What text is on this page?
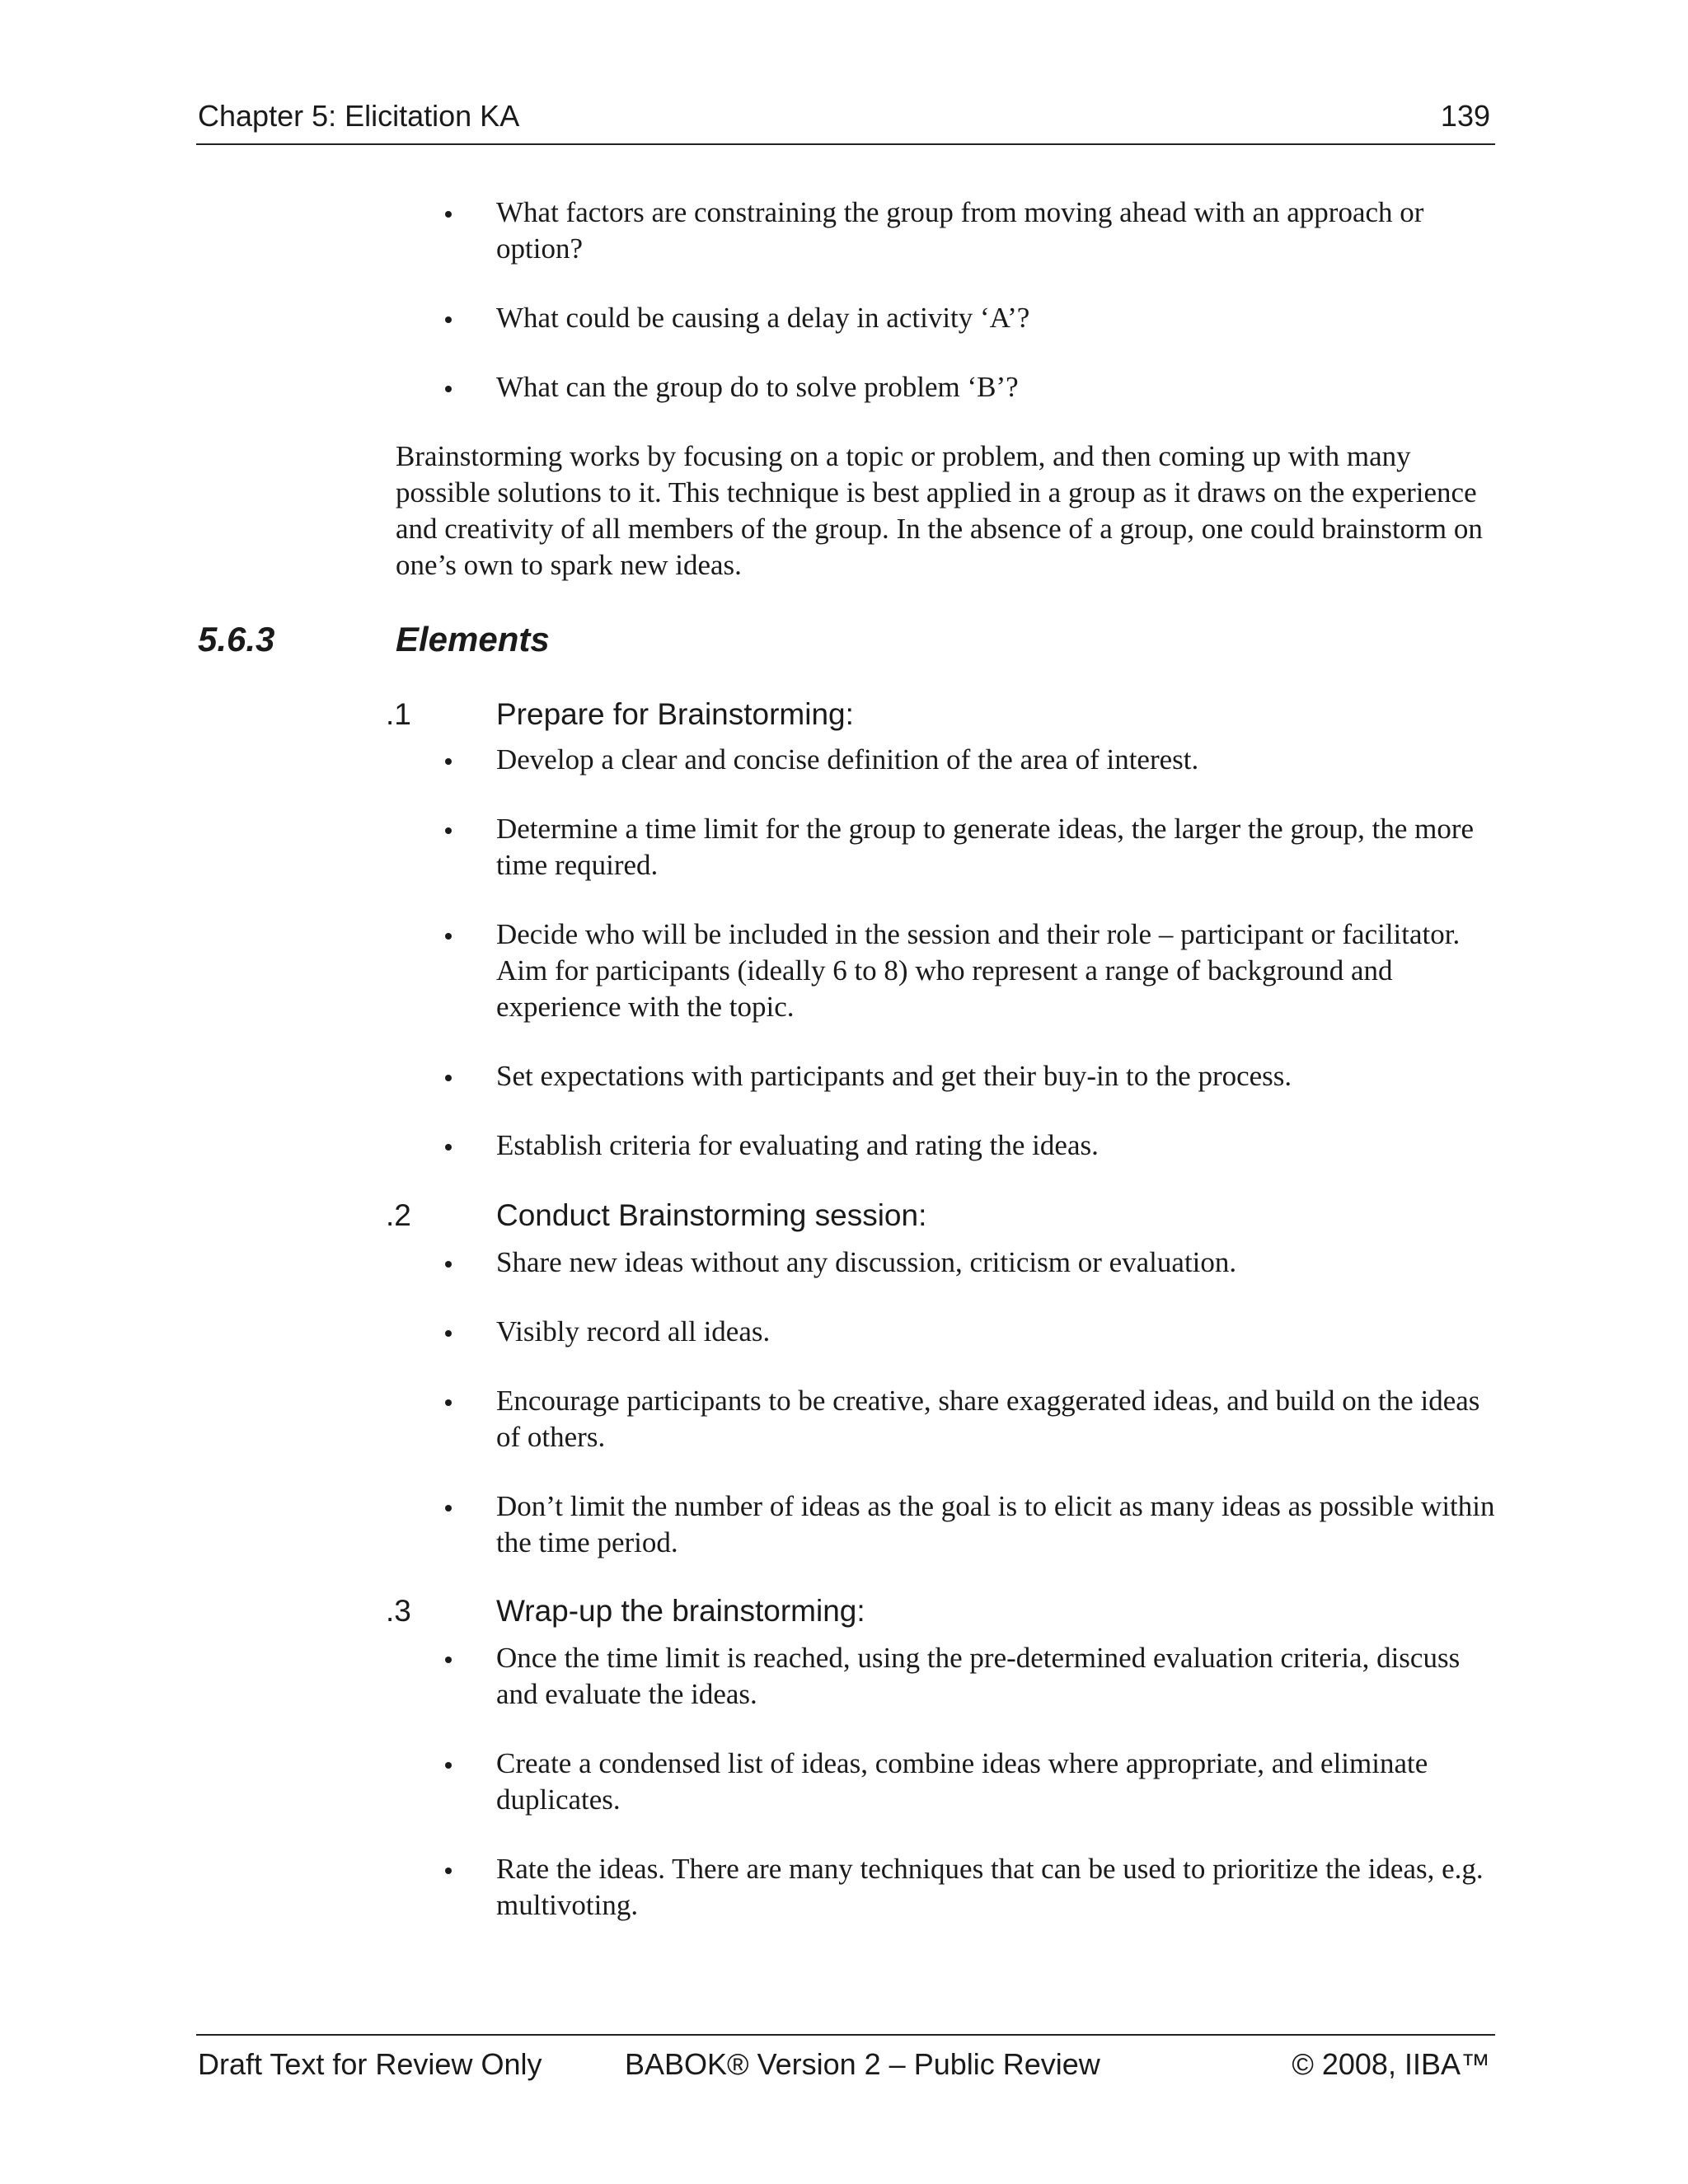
Chapter 5: Elicitation KA	139
What factors are constraining the group from moving ahead with an approach or option?
What could be causing a delay in activity ‘A’?
What can the group do to solve problem ‘B’?
Brainstorming works by focusing on a topic or problem, and then coming up with many possible solutions to it. This technique is best applied in a group as it draws on the experience and creativity of all members of the group. In the absence of a group, one could brainstorm on one’s own to spark new ideas.
5.6.3	Elements
.1	Prepare for Brainstorming:
Develop a clear and concise definition of the area of interest.
Determine a time limit for the group to generate ideas, the larger the group, the more time required.
Decide who will be included in the session and their role – participant or facilitator. Aim for participants (ideally 6 to 8) who represent a range of background and experience with the topic.
Set expectations with participants and get their buy-in to the process.
Establish criteria for evaluating and rating the ideas.
.2	Conduct Brainstorming session:
Share new ideas without any discussion, criticism or evaluation.
Visibly record all ideas.
Encourage participants to be creative, share exaggerated ideas, and build on the ideas of others.
Don’t limit the number of ideas as the goal is to elicit as many ideas as possible within the time period.
.3	Wrap-up the brainstorming:
Once the time limit is reached, using the pre-determined evaluation criteria, discuss and evaluate the ideas.
Create a condensed list of ideas, combine ideas where appropriate, and eliminate duplicates.
Rate the ideas. There are many techniques that can be used to prioritize the ideas, e.g. multivoting.
Draft Text for Review Only	BABOK® Version 2 – Public Review	© 2008, IIBA™
